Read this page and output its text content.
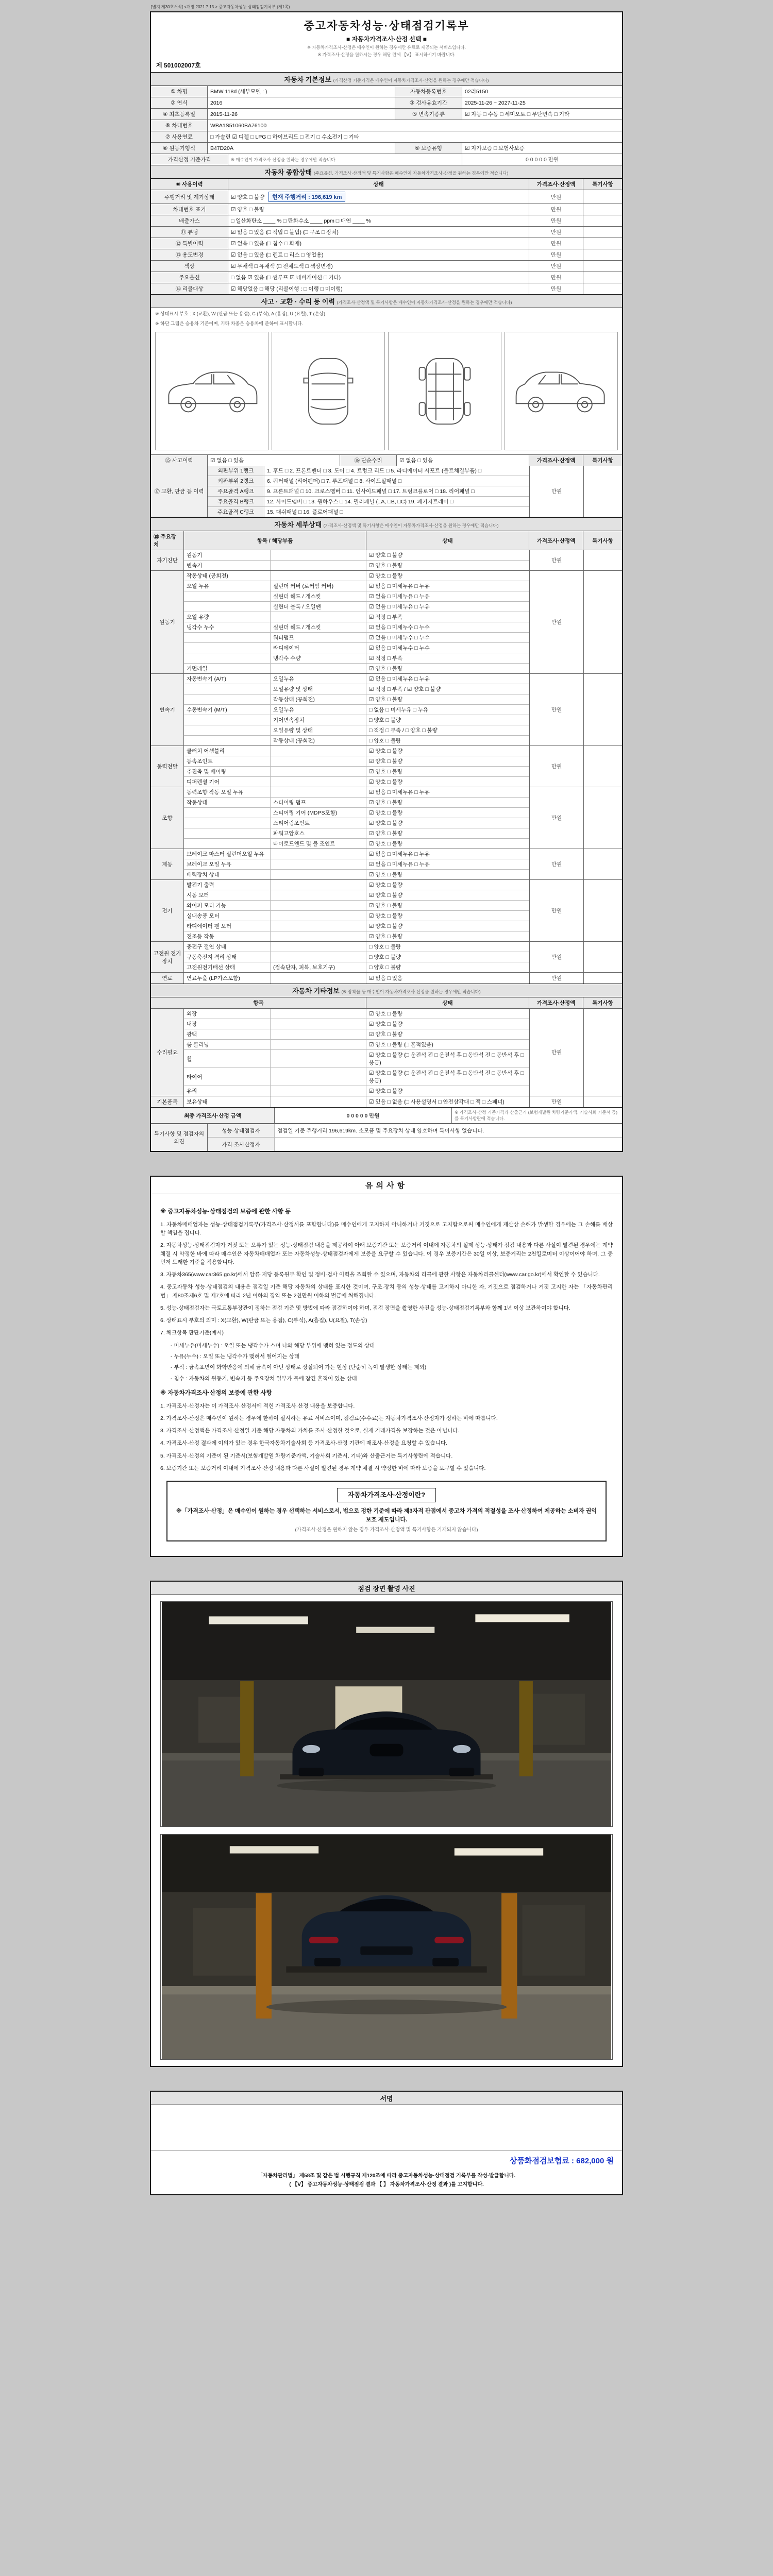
[별지 제30호서식] <개정 2021.7.13.> 중고자동차성능·상태점검기록부 (제1쪽)
중고자동차성능·상태점검기록부
■ 자동차가격조사·산정 선택 ■
※ 자동차가격조사·산정은 매수인이 원하는 경우에만 유료로 제공되는 서비스입니다.
※ 가격조사·산정을 원하시는 경우 해당 란에 【V】 표시하시기 바랍니다.
제 501002007호
자동차 기본정보 (가격산정 기준가격은 매수인이 자동차가격조사·산정을 원하는 경우에만 적습니다)
① 차명	BMW 118d (세부모델 : )	자동차등록번호	02러5150
② 연식	2016	③ 검사유효기간	2025-11-26 ~ 2027-11-25
④ 최초등록일	2015-11-26	⑤ 변속기종류	☑ 자동 □ 수동 □ 세미오토 □ 무단변속 □ 기타
⑥ 차대번호	WBA1S51060BA76100
⑦ 사용연료	□ 가솔린 ☑ 디젤 □ LPG □ 하이브리드 □ 전기 □ 수소전기 □ 기타
⑧ 원동기형식	B47D20A	⑨ 보증유형	☑ 자가보증 □ 보험사보증
가격산정 기준가격	※ 매수인이 가격조사·산정을 원하는 경우에만 적습니다	0 0 0 0 0 만원
자동차 종합상태 (주요옵션, 가격조사·산정액 및 특기사항은 매수인이 자동차가격조사·산정을 원하는 경우에만 적습니다)
⑩ 사용이력	상태	가격조사·산정액	특기사항
주행거리 및 계기상태	☑ 양호 □ 불량	현재 주행거리 : 196,619 km	만원
차대번호 표기	☑ 양호 □ 불량	만원
배출가스	□ 일산화탄소 ____ % □ 탄화수소 ____ ppm □ 매연 ____ %	만원
⑪ 튜닝	☑ 없음 □ 있음 (□ 적법 □ 불법) (□ 구조 □ 장치)	만원
⑫ 특별이력	☑ 없음 □ 있음 (□ 침수 □ 화재)	만원
⑬ 용도변경	☑ 없음 □ 있음 (□ 렌트 □ 리스 □ 영업용)	만원
색상	☑ 무채색 □ 유채색 (□ 전체도색 □ 색상변경)	만원
주요옵션	□ 없음 ☑ 있음 (□ 썬루프 ☑ 네비게이션 □ 기타)	만원
⑭ 리콜대상	☑ 해당없음 □ 해당 (리콜이행 : □ 이행 □ 미이행)	만원
사고 · 교환 · 수리 등 이력 (가격조사·산정액 및 특기사항은 매수인이 자동차가격조사·산정을 원하는 경우에만 적습니다)
※ 상태표시 부호 : X (교환), W (판금 또는 용접), C (부식), A (흠집), U (요철), T (손상)
※ 하단 그림은 승용차 기준이며, 기타 차종은 승용차에 준하여 표시합니다.
⑮ 사고이력	☑ 없음 □ 있음	⑯ 단순수리	☑ 없음 □ 있음	가격조사·산정액	특기사항
⑰ 교환, 판금 등 이력
외판부위 1랭크	1. 후드 □ 2. 프론트펜더 □ 3. 도어 □ 4. 트렁크 리드 □ 5. 라디에이터 서포트 (볼트체결부품) □
외판부위 2랭크	6. 쿼터패널 (리어펜더) □ 7. 루프패널 □ 8. 사이드실패널 □
주요골격 A랭크	9. 프론트패널 □ 10. 크로스멤버 □ 11. 인사이드패널 □ 17. 트렁크플로어 □ 18. 리어패널 □
주요골격 B랭크	12. 사이드멤버 □ 13. 휠하우스 □ 14. 필러패널 (□A, □B, □C) 19. 패키지트레이 □
주요골격 C랭크	15. 대쉬패널 □ 16. 플로어패널 □
만원
자동차 세부상태 (가격조사·산정액 및 특기사항은 매수인이 자동차가격조사·산정을 원하는 경우에만 적습니다)
⑱ 주요장치
항목 / 해당부품	상태	가격조사·산정액	특기사항
자기진단
원동기	☑ 양호 □ 불량
변속기	☑ 양호 □ 불량
만원
원동기
작동상태 (공회전)	☑ 양호 □ 불량
오일 누유	실린더 커버 (로커암 커버)	☑ 없음 □ 미세누유 □ 누유
실린더 헤드 / 개스킷	☑ 없음 □ 미세누유 □ 누유
실린더 블록 / 오일팬	☑ 없음 □ 미세누유 □ 누유
오일 유량	☑ 적정 □ 부족
냉각수 누수	실린더 헤드 / 개스킷	☑ 없음 □ 미세누수 □ 누수
워터펌프	☑ 없음 □ 미세누수 □ 누수
라디에이터	☑ 없음 □ 미세누수 □ 누수
냉각수 수량	☑ 적정 □ 부족
커먼레일	☑ 양호 □ 불량
만원
변속기
자동변속기 (A/T)	오일누유	☑ 없음 □ 미세누유 □ 누유
오일유량 및 상태	☑ 적정 □ 부족 / ☑ 양호 □ 불량
작동상태 (공회전)	☑ 양호 □ 불량
수동변속기 (M/T)	오일누유	□ 없음 □ 미세누유 □ 누유
기어변속장치	□ 양호 □ 불량
오일유량 및 상태	□ 적정 □ 부족 / □ 양호 □ 불량
작동상태 (공회전)	□ 양호 □ 불량
만원
동력전달
클러치 어셈블리	☑ 양호 □ 불량
등속조인트	☑ 양호 □ 불량
추진축 및 베어링	☑ 양호 □ 불량
디퍼렌셜 기어	☑ 양호 □ 불량
만원
조향
동력조향 작동 오일 누유	☑ 없음 □ 미세누유 □ 누유
작동상태	스티어링 펌프	☑ 양호 □ 불량
스티어링 기어 (MDPS포함)	☑ 양호 □ 불량
스티어링조인트	☑ 양호 □ 불량
파워고압호스	☑ 양호 □ 불량
타이로드엔드 및 볼 조인트	☑ 양호 □ 불량
만원
제동
브레이크 마스터 실린더오일 누유	☑ 없음 □ 미세누유 □ 누유
브레이크 오일 누유	☑ 없음 □ 미세누유 □ 누유
배력장치 상태	☑ 양호 □ 불량
만원
전기
발전기 출력	☑ 양호 □ 불량
시동 모터	☑ 양호 □ 불량
와이퍼 모터 기능	☑ 양호 □ 불량
실내송풍 모터	☑ 양호 □ 불량
라디에이터 팬 모터	☑ 양호 □ 불량
전조등 작동	☑ 양호 □ 불량
만원
고전원 전기장치
충전구 절연 상태	□ 양호 □ 불량
구동축전지 격리 상태	□ 양호 □ 불량
고전원전기배선 상태	(접속단자, 피복, 보호기구)	□ 양호 □ 불량
만원
연료	연료누출 (LP가스포함)	☑ 없음 □ 있음	만원
자동차 기타정보 (※ 장착물 등 매수인이 자동차가격조사·산정을 원하는 경우에만 적습니다)
항목	상태	가격조사·산정액	특기사항
수리필요
외장	☑ 양호 □ 불량
내장	☑ 양호 □ 불량
광택	☑ 양호 □ 불량
룸 클리닝	☑ 양호 □ 불량 (□ 흔적있음)
휠
☑ 양호 □ 불량 (□ 운전석 전 □ 운전석 후 □ 동반석 전 □ 동반석 후 □ 응급)
타이어
☑ 양호 □ 불량 (□ 운전석 전 □ 운전석 후 □ 동반석 전 □ 동반석 후 □ 응급)
유리	☑ 양호 □ 불량
만원
기본품목	보유상태	☑ 있음 □ 없음 (□ 사용설명서 □ 안전삼각대 □ 잭 □ 스패너)	만원
최종 가격조사·산정 금액	0 0 0 0 0 만원
※ 가격조사·산정 기준가격과 산출근거 (보험개발원 차량기준가액, 기술사회 기준서 등)를 특기사항란에 적습니다.
특기사항 및 점검자의 의견
성능·상태점검자	점검일 기준 주행거리 196,619km. 소모품 및 주요장치 상태 양호하며 특이사항 없습니다.
가격·조사산정자
유의사항
※ 중고자동차성능·상태점검의 보증에 관한 사항 등
1. 자동차매매업자는 성능·상태점검기록부(가격조사·산정서를 포함합니다)를 매수인에게 고지하지 아니하거나 거짓으로 고지함으로써 매수인에게 재산상 손해가 발생한 경우에는 그 손해를 배상할 책임을 집니다.
2. 자동차성능·상태점검자가 거짓 또는 오류가 있는 성능·상태점검 내용을 제공하여 아래 보증기간 또는 보증거리 이내에 자동차의 실제 성능·상태가 점검 내용과 다른 사실이 발견된 경우에는 계약 체결 시 약정한 바에 따라 매수인은 자동차매매업자 또는 자동차성능·상태점검자에게 보증을 요구할 수 있습니다. 이 경우 보증기간은 30일 이상, 보증거리는 2천킬로미터 이상이어야 하며, 그 중 먼저 도래한 기준을 적용합니다.
3. 자동차365(www.car365.go.kr)에서 압류·저당 등록원부 확인 및 정비·검사 이력을 조회할 수 있으며, 자동차의 리콜에 관한 사항은 자동차리콜센터(www.car.go.kr)에서 확인할 수 있습니다.
4. 중고자동차 성능·상태점검의 내용은 점검일 기준 해당 자동차의 상태를 표시한 것이며, 구조·장치 등의 성능·상태를 고지하지 아니한 자, 거짓으로 점검하거나 거짓 고지한 자는 「자동차관리법」 제80조제6호 및 제7호에 따라 2년 이하의 징역 또는 2천만원 이하의 벌금에 처해집니다.
5. 성능·상태점검자는 국토교통부장관이 정하는 점검 기준 및 방법에 따라 점검하여야 하며, 점검 장면을 촬영한 사진을 성능·상태점검기록부와 함께 1년 이상 보관하여야 합니다.
6. 상태표시 부호의 의미 : X(교환), W(판금 또는 용접), C(부식), A(흠집), U(요철), T(손상)
7. 체크항목 판단기준(예시)
- 미세누유(미세누수) : 오일 또는 냉각수가 스며 나와 해당 부위에 맺혀 있는 정도의 상태
- 누유(누수) : 오일 또는 냉각수가 맺혀서 떨어지는 상태
- 부식 : 금속표면이 화학반응에 의해 금속이 아닌 상태로 상실되어 가는 현상 (단순히 녹이 발생한 상태는 제외)
- 침수 : 자동차의 원동기, 변속기 등 주요장치 일부가 물에 잠긴 흔적이 있는 상태
※ 자동차가격조사·산정의 보증에 관한 사항
1. 가격조사·산정자는 이 가격조사·산정서에 적힌 가격조사·산정 내용을 보증합니다.
2. 가격조사·산정은 매수인이 원하는 경우에 한하여 실시하는 유료 서비스이며, 점검료(수수료)는 자동차가격조사·산정자가 정하는 바에 따릅니다.
3. 가격조사·산정액은 가격조사·산정일 기준 해당 자동차의 가치를 조사·산정한 것으로, 실제 거래가격을 보장하는 것은 아닙니다.
4. 가격조사·산정 결과에 이의가 있는 경우 한국자동차기술사회 등 가격조사·산정 기관에 재조사·산정을 요청할 수 있습니다.
5. 가격조사·산정의 기준이 된 기준서(보험개발원 차량기준가액, 기술사회 기준서, 기타)와 산출근거는 특기사항란에 적습니다.
6. 보증기간 또는 보증거리 이내에 가격조사·산정 내용과 다른 사실이 발견된 경우 계약 체결 시 약정한 바에 따라 보증을 요구할 수 있습니다.
자동차가격조사·산정이란?
※「가격조사·산정」은 매수인이 원하는 경우 선택하는 서비스로서, 법으로 정한 기준에 따라 제3자적 관점에서 중고차 가격의 적절성을 조사·산정하여 제공하는 소비자 권익보호 제도입니다.
(가격조사·산정을 원하지 않는 경우 가격조사·산정액 및 특기사항은 기재되지 않습니다)
점검 장면 촬영 사진
서명
상품화점검보험료 : 682,000 원
「자동차관리법」 제58조 및 같은 법 시행규칙 제120조에 따라 중고자동차성능·상태점검 기록부를 작성·발급합니다.
( 【V】 중고자동차성능·상태점검 결과 【 】 자동차가격조사·산정 결과 )를 고지합니다.
